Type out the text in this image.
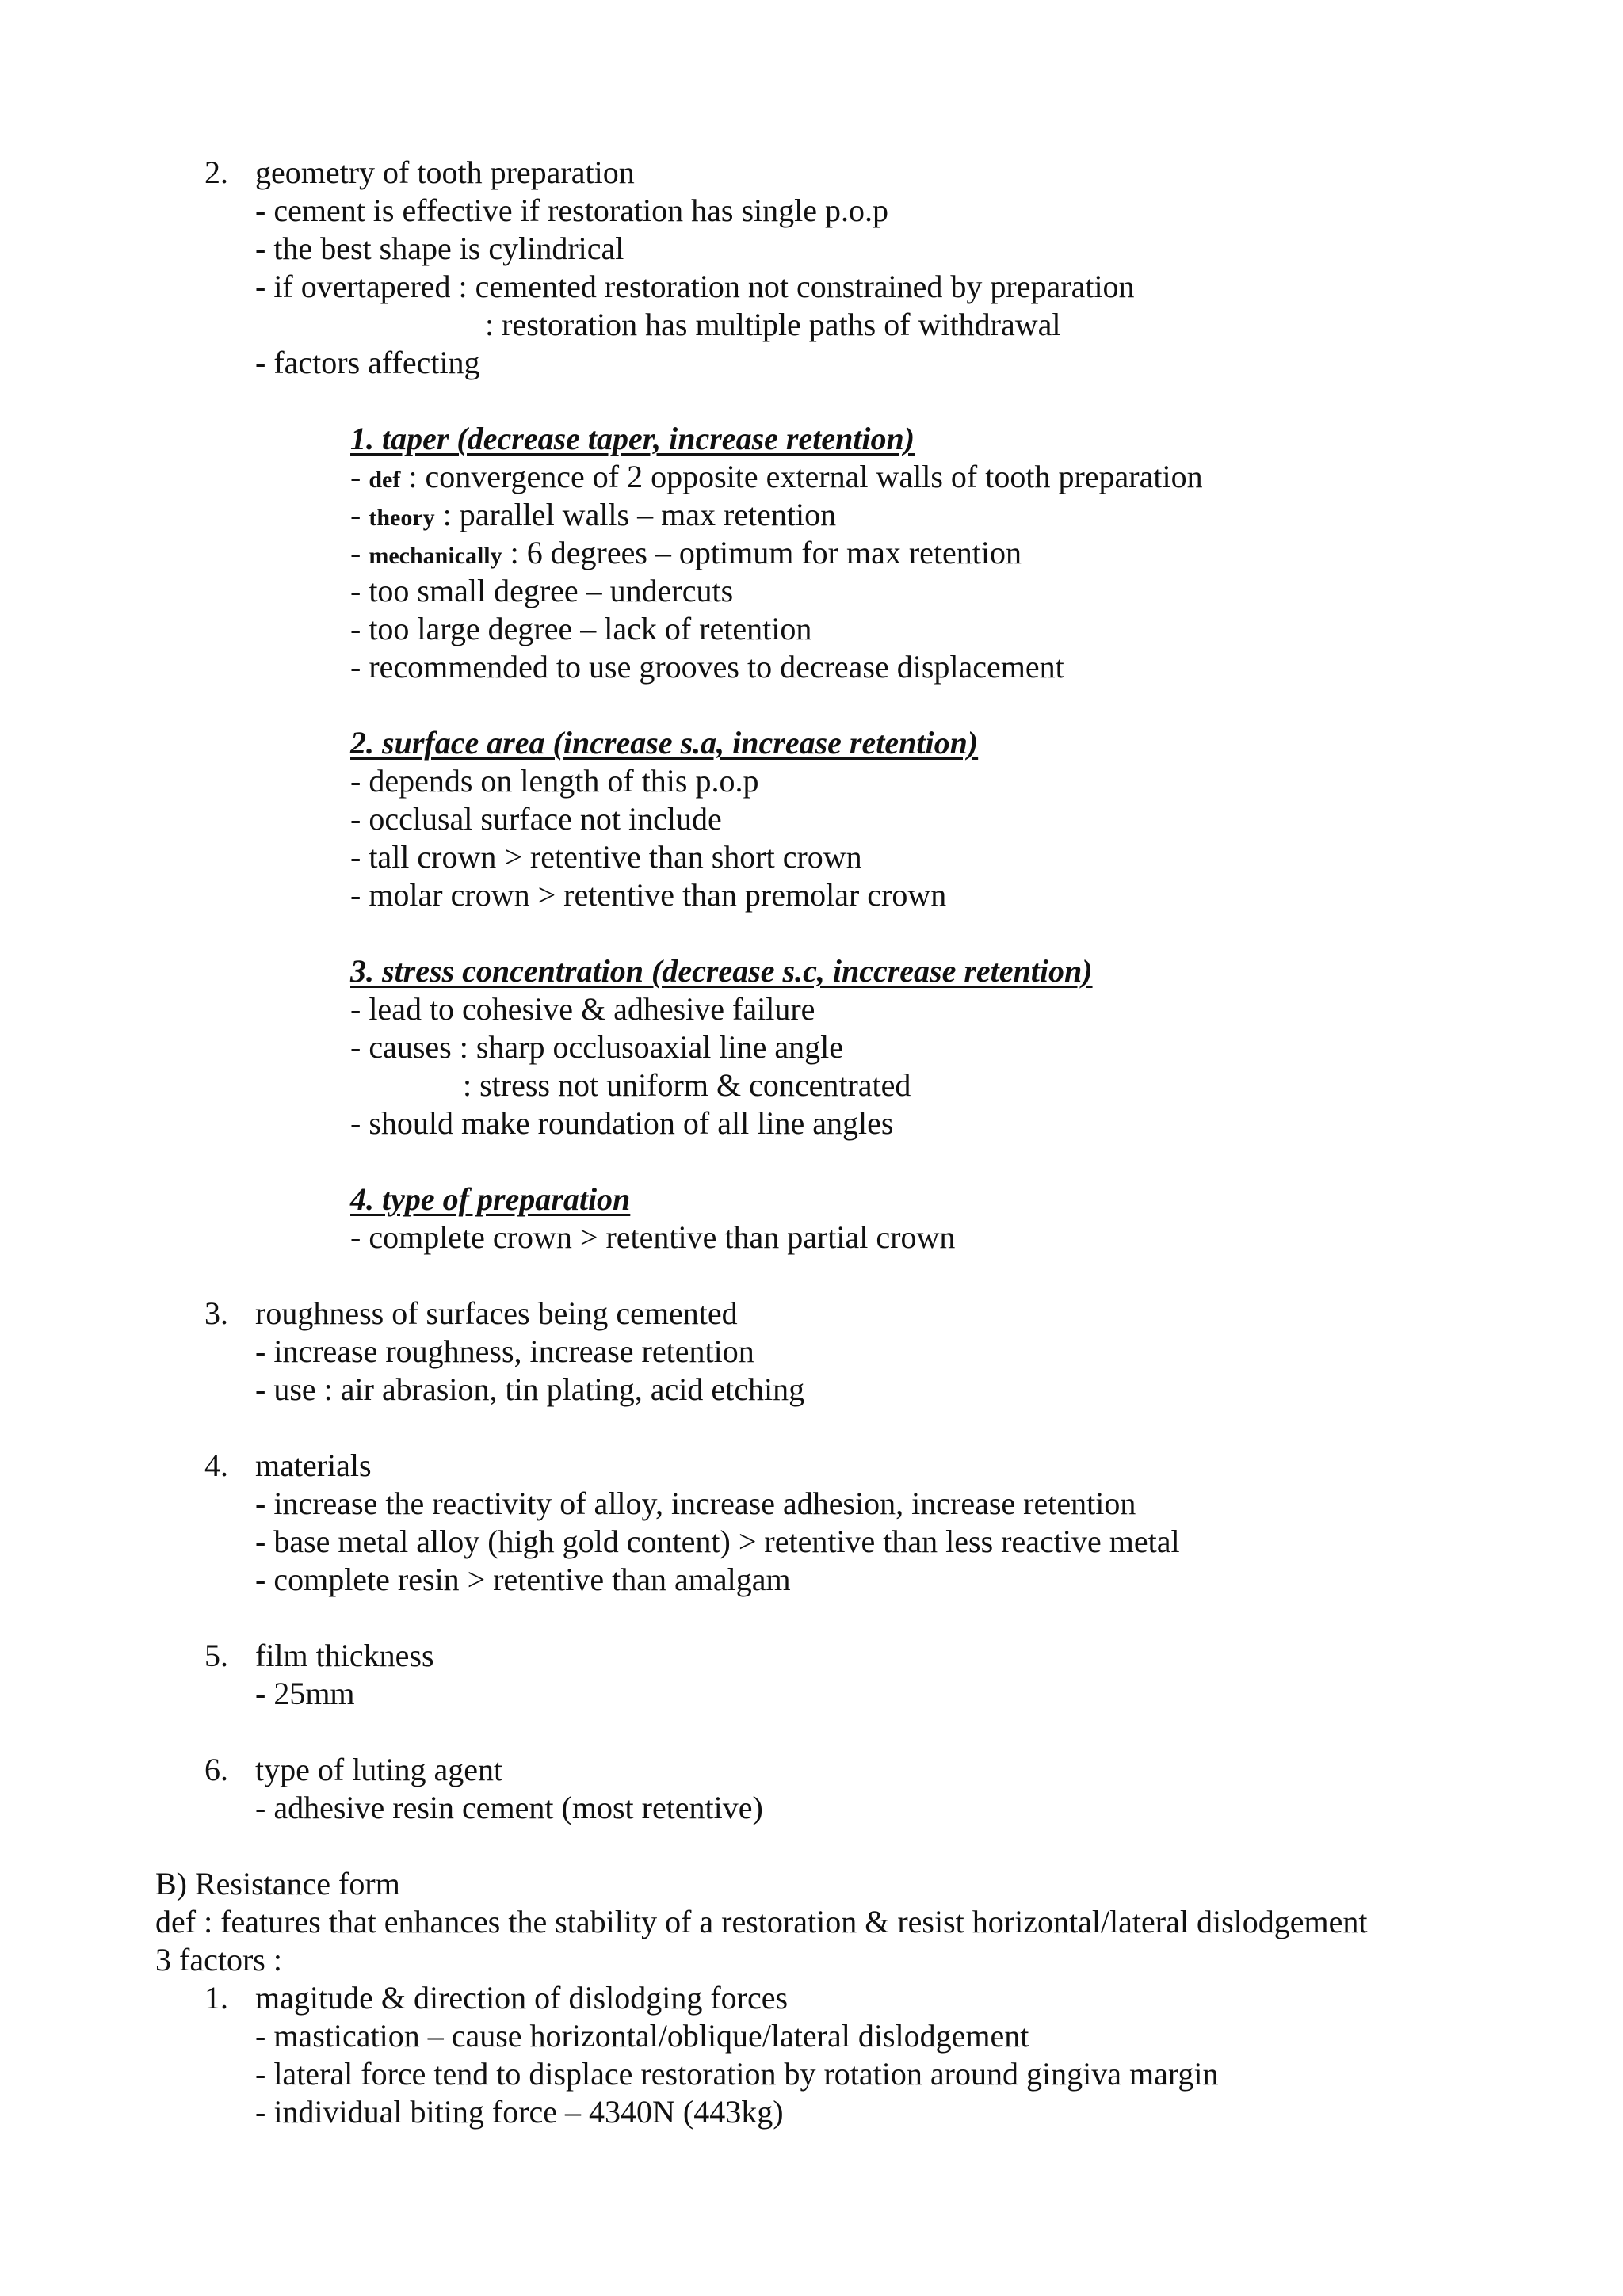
2. geometry of tooth preparation
- cement is effective if restoration has single p.o.p
- the best shape is cylindrical
- if overtapered : cemented restoration not constrained by preparation
: restoration has multiple paths of withdrawal
- factors affecting
1. taper (decrease taper, increase retention)
- def : convergence of 2 opposite external walls of tooth preparation
- theory : parallel walls – max retention
- mechanically : 6 degrees – optimum for max retention
- too small degree – undercuts
- too large degree – lack of retention
- recommended to use grooves to decrease displacement
2. surface area (increase s.a, increase retention)
- depends on length of this p.o.p
- occlusal surface not include
- tall crown > retentive than short crown
- molar crown > retentive than premolar crown
3. stress concentration (decrease s.c, inccrease retention)
- lead to cohesive & adhesive failure
- causes : sharp occlusoaxial line angle
: stress not uniform & concentrated
- should make roundation of all line angles
4. type of preparation
- complete crown > retentive than partial crown
3. roughness of surfaces being cemented
- increase roughness, increase retention
- use : air abrasion, tin plating, acid etching
4. materials
- increase the reactivity of alloy, increase adhesion, increase retention
- base metal alloy (high gold content) > retentive than less reactive metal
- complete resin > retentive than amalgam
5. film thickness
- 25mm
6. type of luting agent
- adhesive resin cement (most retentive)
B) Resistance form
def : features that enhances the stability of a restoration & resist horizontal/lateral dislodgement
3 factors :
1. magitude & direction of dislodging forces
- mastication – cause horizontal/oblique/lateral dislodgement
- lateral force tend to displace restoration by rotation around gingiva margin
- individual biting force – 4340N (443kg)
